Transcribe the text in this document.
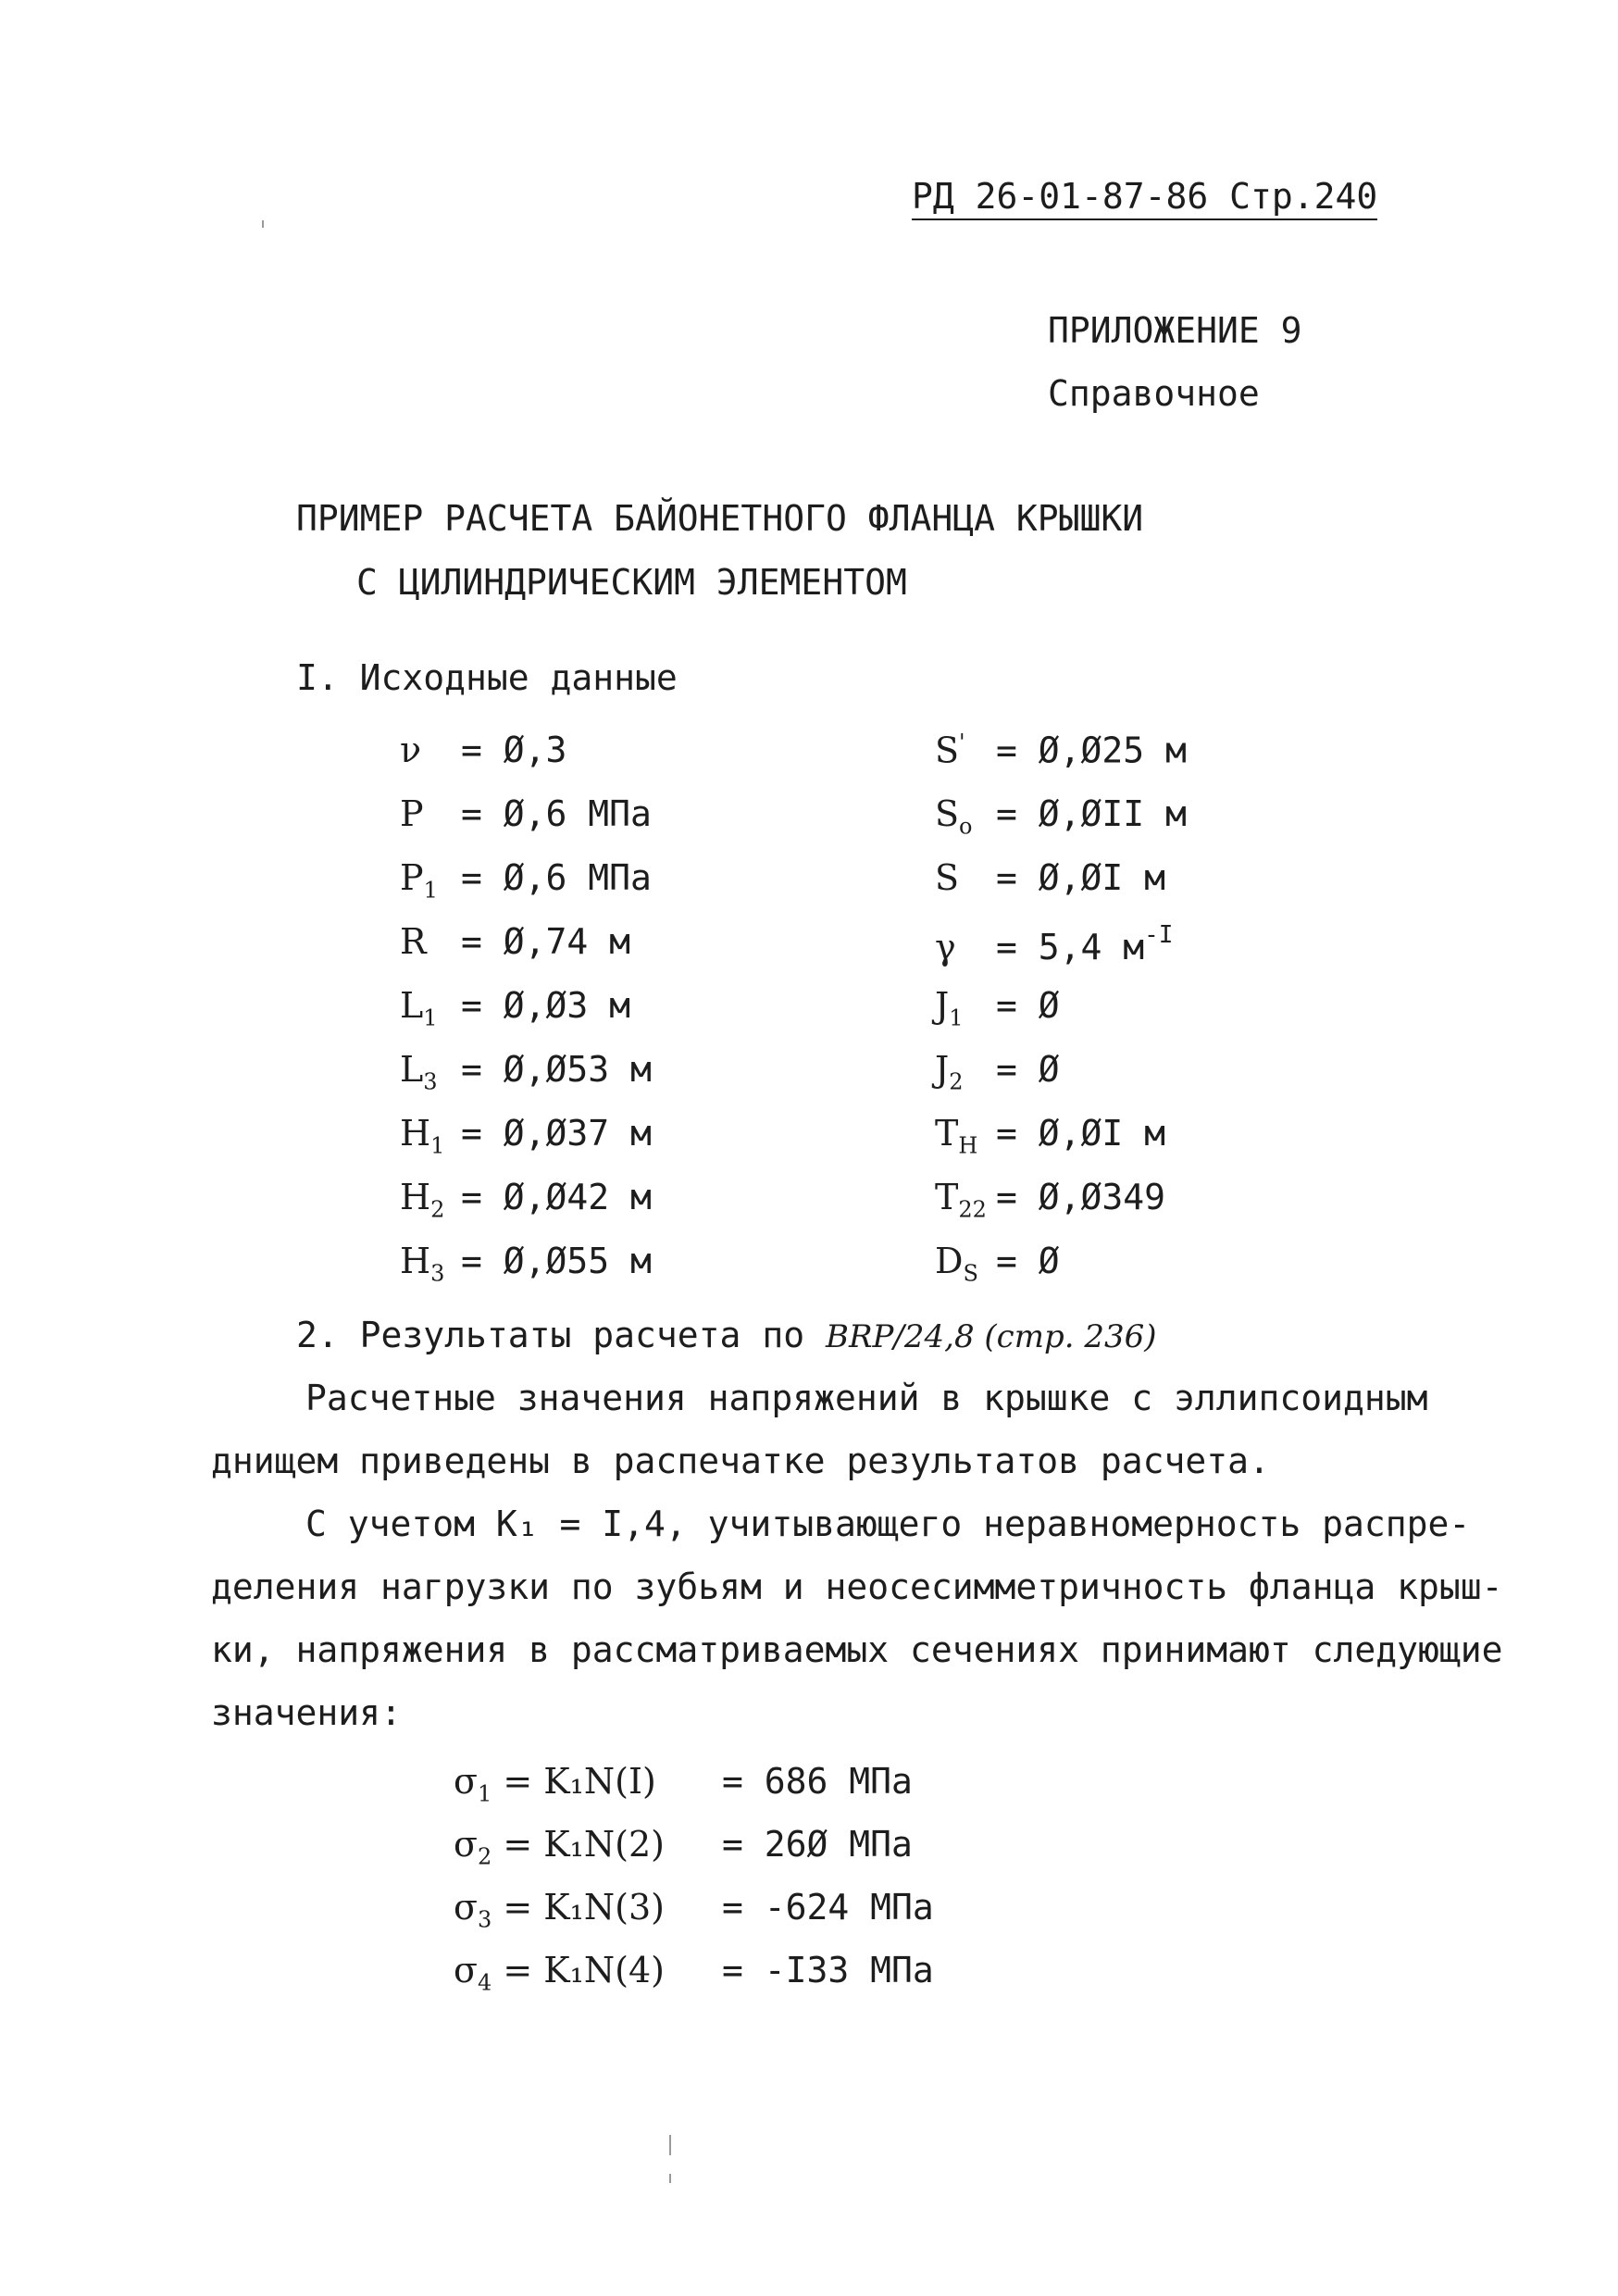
РД 26-01-87-86 Стр.240
ПРИЛОЖЕНИЕ 9
Справочное
ПРИМЕР РАСЧЕТА БАЙОНЕТНОГО ФЛАНЦА КРЫШКИ
С ЦИЛИНДРИЧЕСКИМ ЭЛЕМЕНТОМ
I. Исходные данные
ν = Ø,3
P = Ø,6 МПа
$P_1$ = Ø,6 МПа
R = Ø,74 м
$L_1$ = Ø,Ø3 м
$L_3$ = Ø,Ø53 м
$H_1$ = Ø,Ø37 м
$H_2$ = Ø,Ø42 м
$H_3$ = Ø,Ø55 м
S' = Ø,Ø25 м
$S_o$ = Ø,ØII м
S = Ø,ØI м
γ = 5,4 $м^{-I}$
$J_1$ = Ø
$J_2$ = Ø
$T_H$ = Ø,ØI м
$T_{22}$ = Ø,Ø349
$D_S$ = Ø
2. Результаты расчета по BRP/24,8 (стр. 236)
Расчетные значения напряжений в крышке с эллипсоидным
днищем приведены в распечатке результатов расчета.
С учетом K₁ = I,4, учитывающего неравномерность распре-
деления нагрузки по зубьям и неосесимметричность фланца крыш-
ки, напряжения в рассматриваемых сечениях принимают следующие
значения:
$\sigma_1 = K_1N(I) = 686$ МПа
$\sigma_2 = K_1N(2)$ = 26Ø МПа
$\sigma_3 = K_1N(3) = -624$ МПа
$\sigma_4 = K_1N(4) = -I33$ МПа
